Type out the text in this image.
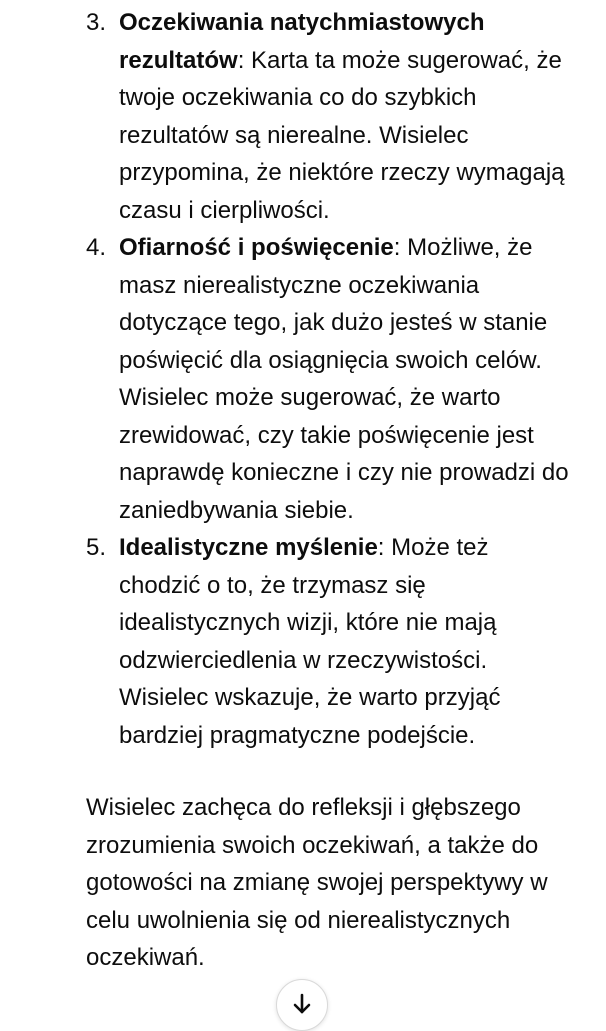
3. Oczekiwania natychmiastowych rezultatów: Karta ta może sugerować, że twoje oczekiwania co do szybkich rezultatów są nierealne. Wisielec przypomina, że niektóre rzeczy wymagają czasu i cierpliwości.
4. Ofiarność i poświęcenie: Możliwe, że masz nierealistyczne oczekiwania dotyczące tego, jak dużo jesteś w stanie poświęcić dla osiągnięcia swoich celów. Wisielec może sugerować, że warto zrewidować, czy takie poświęcenie jest naprawdę konieczne i czy nie prowadzi do zaniedbywania siebie.
5. Idealistyczne myślenie: Może też chodzić o to, że trzymasz się idealistycznych wizji, które nie mają odzwierciedlenia w rzeczywistości. Wisielec wskazuje, że warto przyjąć bardziej pragmatyczne podejście.

Wisielec zachęca do refleksji i głębszego zrozumienia swoich oczekiwań, a także do gotowości na zmianę swojej perspektywy w celu uwolnienia się od nierealistycznych oczekiwań.
